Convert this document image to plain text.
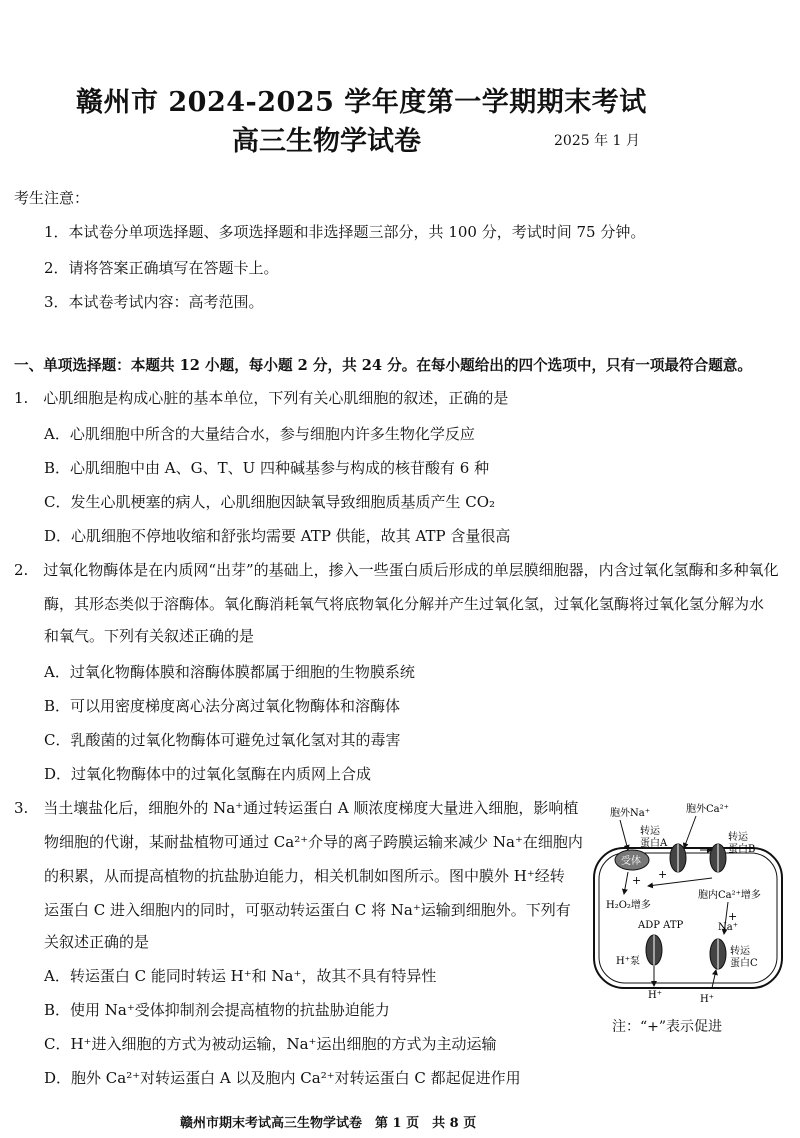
赣州市 2024-2025 学年度第一学期期末考试
高三生物学试卷	2025 年 1 月
考生注意：
1．本试卷分单项选择题、多项选择题和非选择题三部分，共 100 分，考试时间 75 分钟。
2．请将答案正确填写在答题卡上。
3．本试卷考试内容：高考范围。
一、单项选择题：本题共 12 小题，每小题 2 分，共 24 分。在每小题给出的四个选项中，只有一项最符合题意。
1.　心肌细胞是构成心脏的基本单位，下列有关心肌细胞的叙述，正确的是
A．心肌细胞中所含的大量结合水，参与细胞内许多生物化学反应
B．心肌细胞中由 A、G、T、U 四种碱基参与构成的核苷酸有 6 种
C．发生心肌梗塞的病人，心肌细胞因缺氧导致细胞质基质产生 CO₂
D．心肌细胞不停地收缩和舒张均需要 ATP 供能，故其 ATP 含量很高
2.　过氧化物酶体是在内质网“出芽”的基础上，掺入一些蛋白质后形成的单层膜细胞器，内含过氧化氢酶和多种氧化
酶，其形态类似于溶酶体。氧化酶消耗氧气将底物氧化分解并产生过氧化氢，过氧化氢酶将过氧化氢分解为水
和氧气。下列有关叙述正确的是
A．过氧化物酶体膜和溶酶体膜都属于细胞的生物膜系统
B．可以用密度梯度离心法分离过氧化物酶体和溶酶体
C．乳酸菌的过氧化物酶体可避免过氧化氢对其的毒害
D．过氧化物酶体中的过氧化氢酶在内质网上合成
3.　当土壤盐化后，细胞外的 Na⁺通过转运蛋白 A 顺浓度梯度大量进入细胞，影响植
物细胞的代谢，某耐盐植物可通过 Ca²⁺介导的离子跨膜运输来减少 Na⁺在细胞内
的积累，从而提高植物的抗盐胁迫能力，相关机制如图所示。图中膜外 H⁺经转
运蛋白 C 进入细胞内的同时，可驱动转运蛋白 C 将 Na⁺运输到细胞外。下列有
关叙述正确的是
A．转运蛋白 C 能同时转运 H⁺和 Na⁺，故其不具有特异性
B．使用 Na⁺受体抑制剂会提高植物的抗盐胁迫能力
C．H⁺进入细胞的方式为被动运输，Na⁺运出细胞的方式为主动运输
D．胞外 Ca²⁺对转运蛋白 A 以及胞内 Ca²⁺对转运蛋白 C 都起促进作用
胞外Na⁺	胞外Ca²⁺
转运
蛋白A
转运
蛋白B
受体
+ +
H₂O₂增多
胞内Ca²⁺增多
+
Na⁺
ADP ATP
H⁺泵
H⁺
转运
蛋白C
H⁺
注：“+”表示促进
赣州市期末考试高三生物学试卷　第 1 页　共 8 页
